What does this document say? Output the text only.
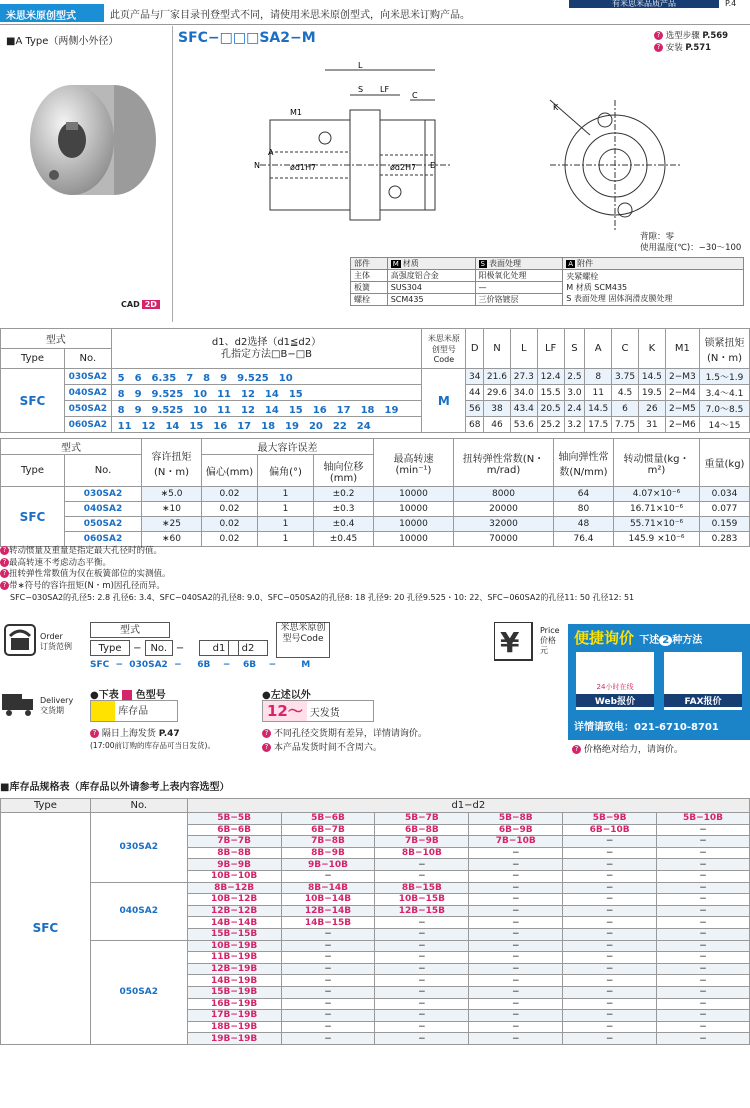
米思米原创型式	此页产品与厂家目录刊登型式不同，请使用米思米原创型式，向米思米订购产品。
有米思米品质产品	P.4
■A Type（两侧小外径）
CAD 2D
SFC−□□□SA2−M	? 选型步骤 P.569
? 安装 P.571
L
S LF
C
M1
A
N	D
ød1H7	ød2H7
K
背隙：零
使用温度(℃)：−30〜100
部件	M 材质	S 表面处理	A 附件
主体	高强度铝合金	阳极氧化处理	夹紧螺栓
M 材质 SCM435
S 表面处理 固体润滑皮膜处理

板簧	SUS304	—	
螺栓	SCM435	三价铬镀层	
型式		d1、d2选择（d1≦d2）
孔指定方法□B−□B	米思米原创型号Code	D	N	L	LF	S	A	C	K	M1	锁紧扭矩(N・m)
Type	No.												
SFC	030SA2	5　6　6.35　7　8　9　9.525　10	M	34	21.6	27.3	12.4	2.5	8	3.75	14.5	2−M3	1.5〜1.9
	040SA2	8　9　9.525　10　11　12　14　15		44	29.6	34.0	15.5	3.0	11	4.5	19.5	2−M4	3.4〜4.1
	050SA2	8　9　9.525　10　11　12　14　15　16　17　18　19		56	38	43.4	20.5	2.4	14.5	6	26	2−M5	7.0〜8.5
	060SA2	11　12　14　15　16　17　18　19　20　22　24		68	46	53.6	25.2	3.2	17.5	7.75	31	2−M6	14〜15
型式		容许扭矩(N・m)	最大容许误差			最高转速(min⁻¹)	扭转弹性常数(N・m/rad)	轴向弹性常数(N/mm)	转动惯量(kg・m²)	重量(kg)
Type	No.		偏心(mm)	偏角(°)	轴向位移(mm)					
SFC	030SA2	∗5.0	0.02	1	±0.2	10000	8000	64	4.07×10⁻⁶	0.034
	040SA2	∗10	0.02	1	±0.3	10000	20000	80	16.71×10⁻⁶	0.077
	050SA2	∗25	0.02	1	±0.4	10000	32000	48	55.71×10⁻⁶	0.159
	060SA2	∗60	0.02	1	±0.45	10000	70000	76.4	145.9 ×10⁻⁶	0.283
? 转动惯量及重量是指定最大孔径时的值。
? 最高转速不考虑动态平衡。
? 扭转弹性常数值为仅在板簧部位的实测值。
? 带∗符号的容许扭矩(N・m)因孔径而异。
SFC−030SA2的孔径5: 2.8 孔径6: 3.4、SFC−040SA2的孔径8: 9.0、SFC−050SA2的孔径8: 18 孔径9: 20 孔径9.525・10: 22、SFC−060SA2的孔径11: 50 孔径12: 51
Order
订货范例
型式
d1	d2
米思米原创型号Code
Type − No. −
SFC  −  030SA2  −     6B    −    6B    −        M
¥	Price
价格
元
便捷询价 下述 2 种方法
24小时在线
Web报价	FAX报价
详情请致电：021-6710-8701
? 价格绝对给力，请询价。
Delivery
交货期
●下表 色型号
库存品
●左述以外
12〜 天发货
? 隔日上海发货 P.47
(17:00前订购的库存品可当日发货)。
? 不同孔径交货期有差异，详情请询价。
? 本产品发货时间不含周六。
■库存品规格表（库存品以外请参考上表内容选型）
Type	No.	d1−d2					
SFC	030SA2	5B−5B	5B−6B	5B−7B	5B−8B	5B−9B	5B−10B
		6B−6B	6B−7B	6B−8B	6B−9B	6B−10B	−
		7B−7B	7B−8B	7B−9B	7B−10B	−	−
		8B−8B	8B−9B	8B−10B	−	−	−
		9B−9B	9B−10B	−	−	−	−
		10B−10B	−	−	−	−	−
	040SA2	8B−12B	8B−14B	8B−15B	−	−	−
		10B−12B	10B−14B	10B−15B	−	−	−
		12B−12B	12B−14B	12B−15B	−	−	−
		14B−14B	14B−15B	−	−	−	−
		15B−15B	−	−	−	−	−
	050SA2	10B−19B	−	−	−	−	−
		11B−19B	−	−	−	−	−
		12B−19B	−	−	−	−	−
		14B−19B	−	−	−	−	−
		15B−19B	−	−	−	−	−
		16B−19B	−	−	−	−	−
		17B−19B	−	−	−	−	−
		18B−19B	−	−	−	−	−
		19B−19B	−	−	−	−	−
